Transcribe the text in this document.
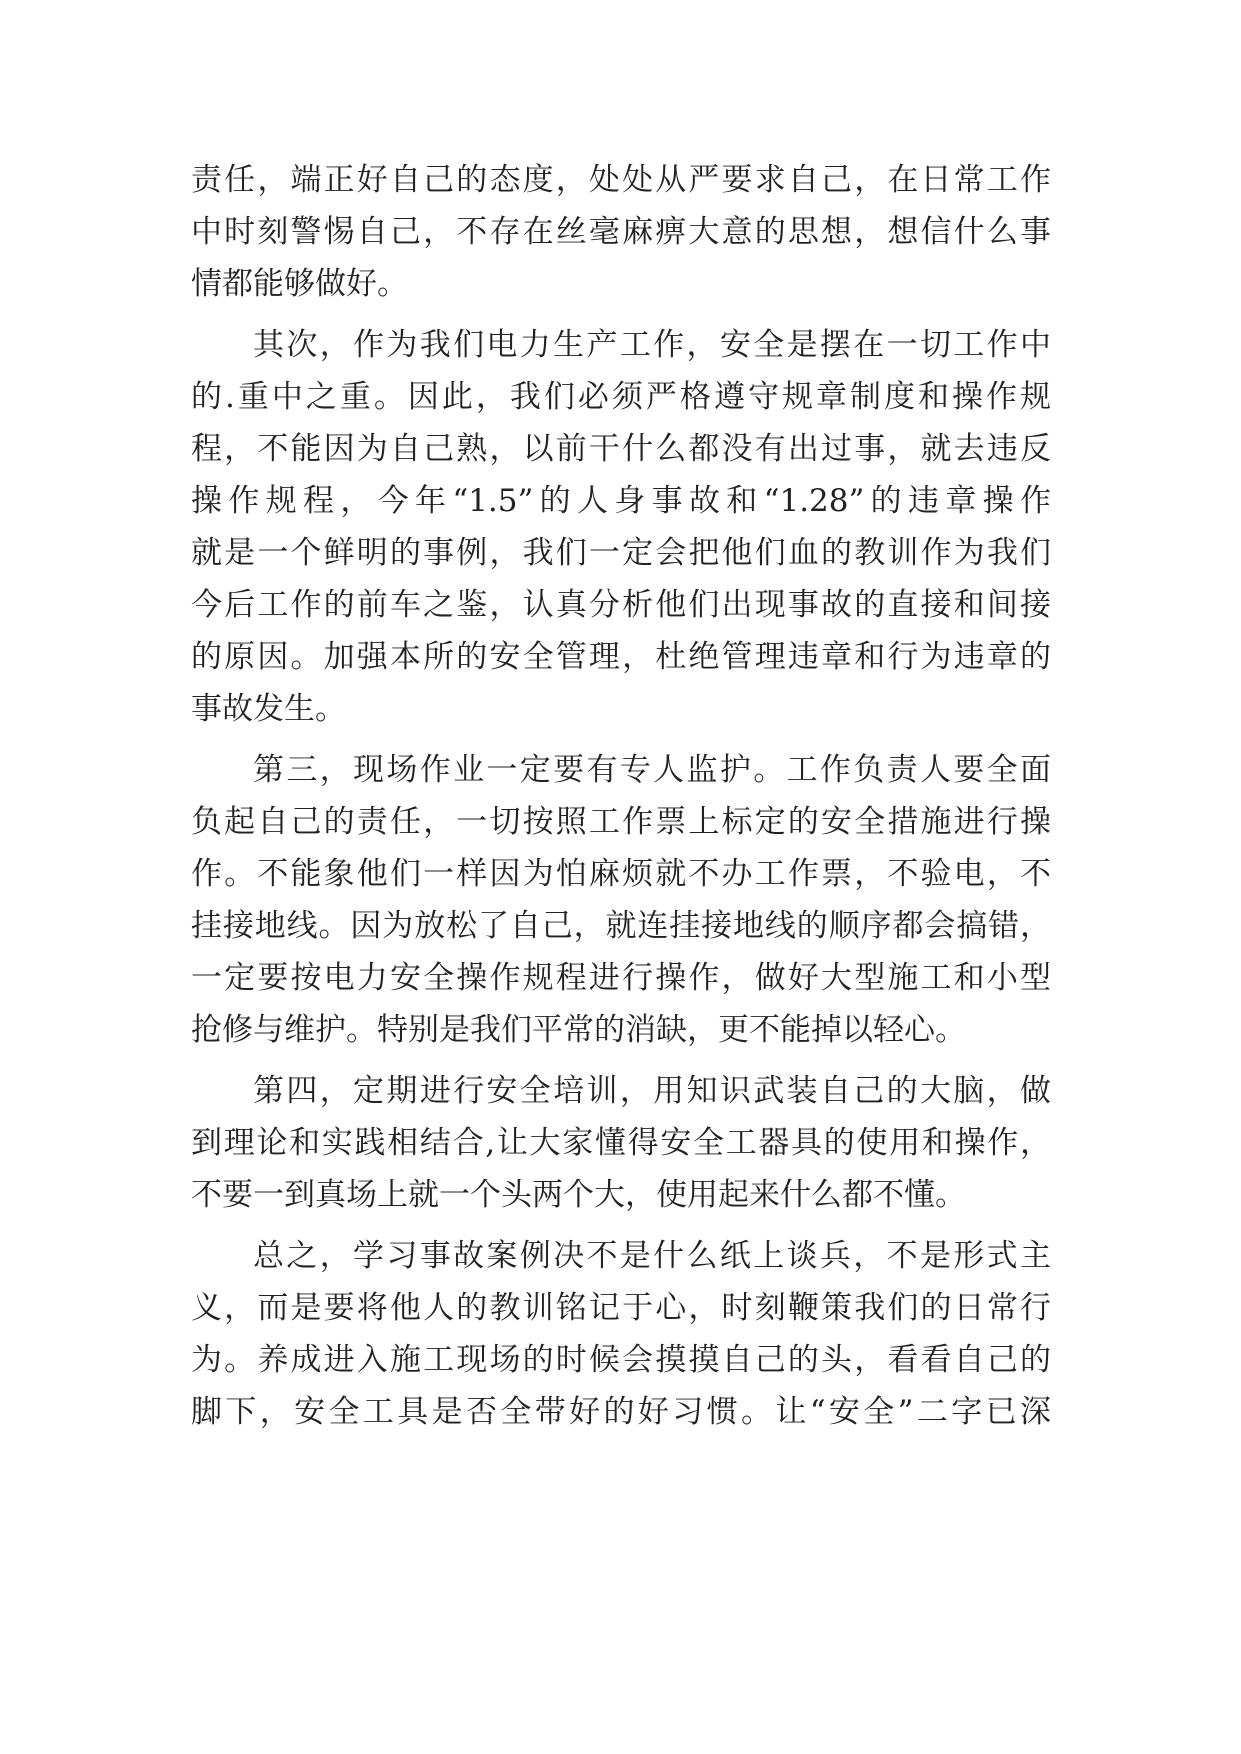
责任，端正好自己的态度，处处从严要求自己，在日常工作
中时刻警惕自己，不存在丝毫麻痹大意的思想，想信什么事
情都能够做好。
其次，作为我们电力生产工作，安全是摆在一切工作中
的.重中之重。因此，我们必须严格遵守规章制度和操作规
程，不能因为自己熟，以前干什么都没有出过事，就去违反
操作规程，今年“1.5”的人身事故和“1.28”的违章操作
就是一个鲜明的事例，我们一定会把他们血的教训作为我们
今后工作的前车之鉴，认真分析他们出现事故的直接和间接
的原因。加强本所的安全管理，杜绝管理违章和行为违章的
事故发生。
第三，现场作业一定要有专人监护。工作负责人要全面
负起自己的责任，一切按照工作票上标定的安全措施进行操
作。不能象他们一样因为怕麻烦就不办工作票，不验电，不
挂接地线。因为放松了自己，就连挂接地线的顺序都会搞错，
一定要按电力安全操作规程进行操作，做好大型施工和小型
抢修与维护。特别是我们平常的消缺，更不能掉以轻心。
第四，定期进行安全培训，用知识武装自己的大脑，做
到理论和实践相结合,让大家懂得安全工器具的使用和操作，
不要一到真场上就一个头两个大，使用起来什么都不懂。
总之，学习事故案例决不是什么纸上谈兵，不是形式主
义，而是要将他人的教训铭记于心，时刻鞭策我们的日常行
为。养成进入施工现场的时候会摸摸自己的头，看看自己的
脚下，安全工具是否全带好的好习惯。让“安全”二字已深
